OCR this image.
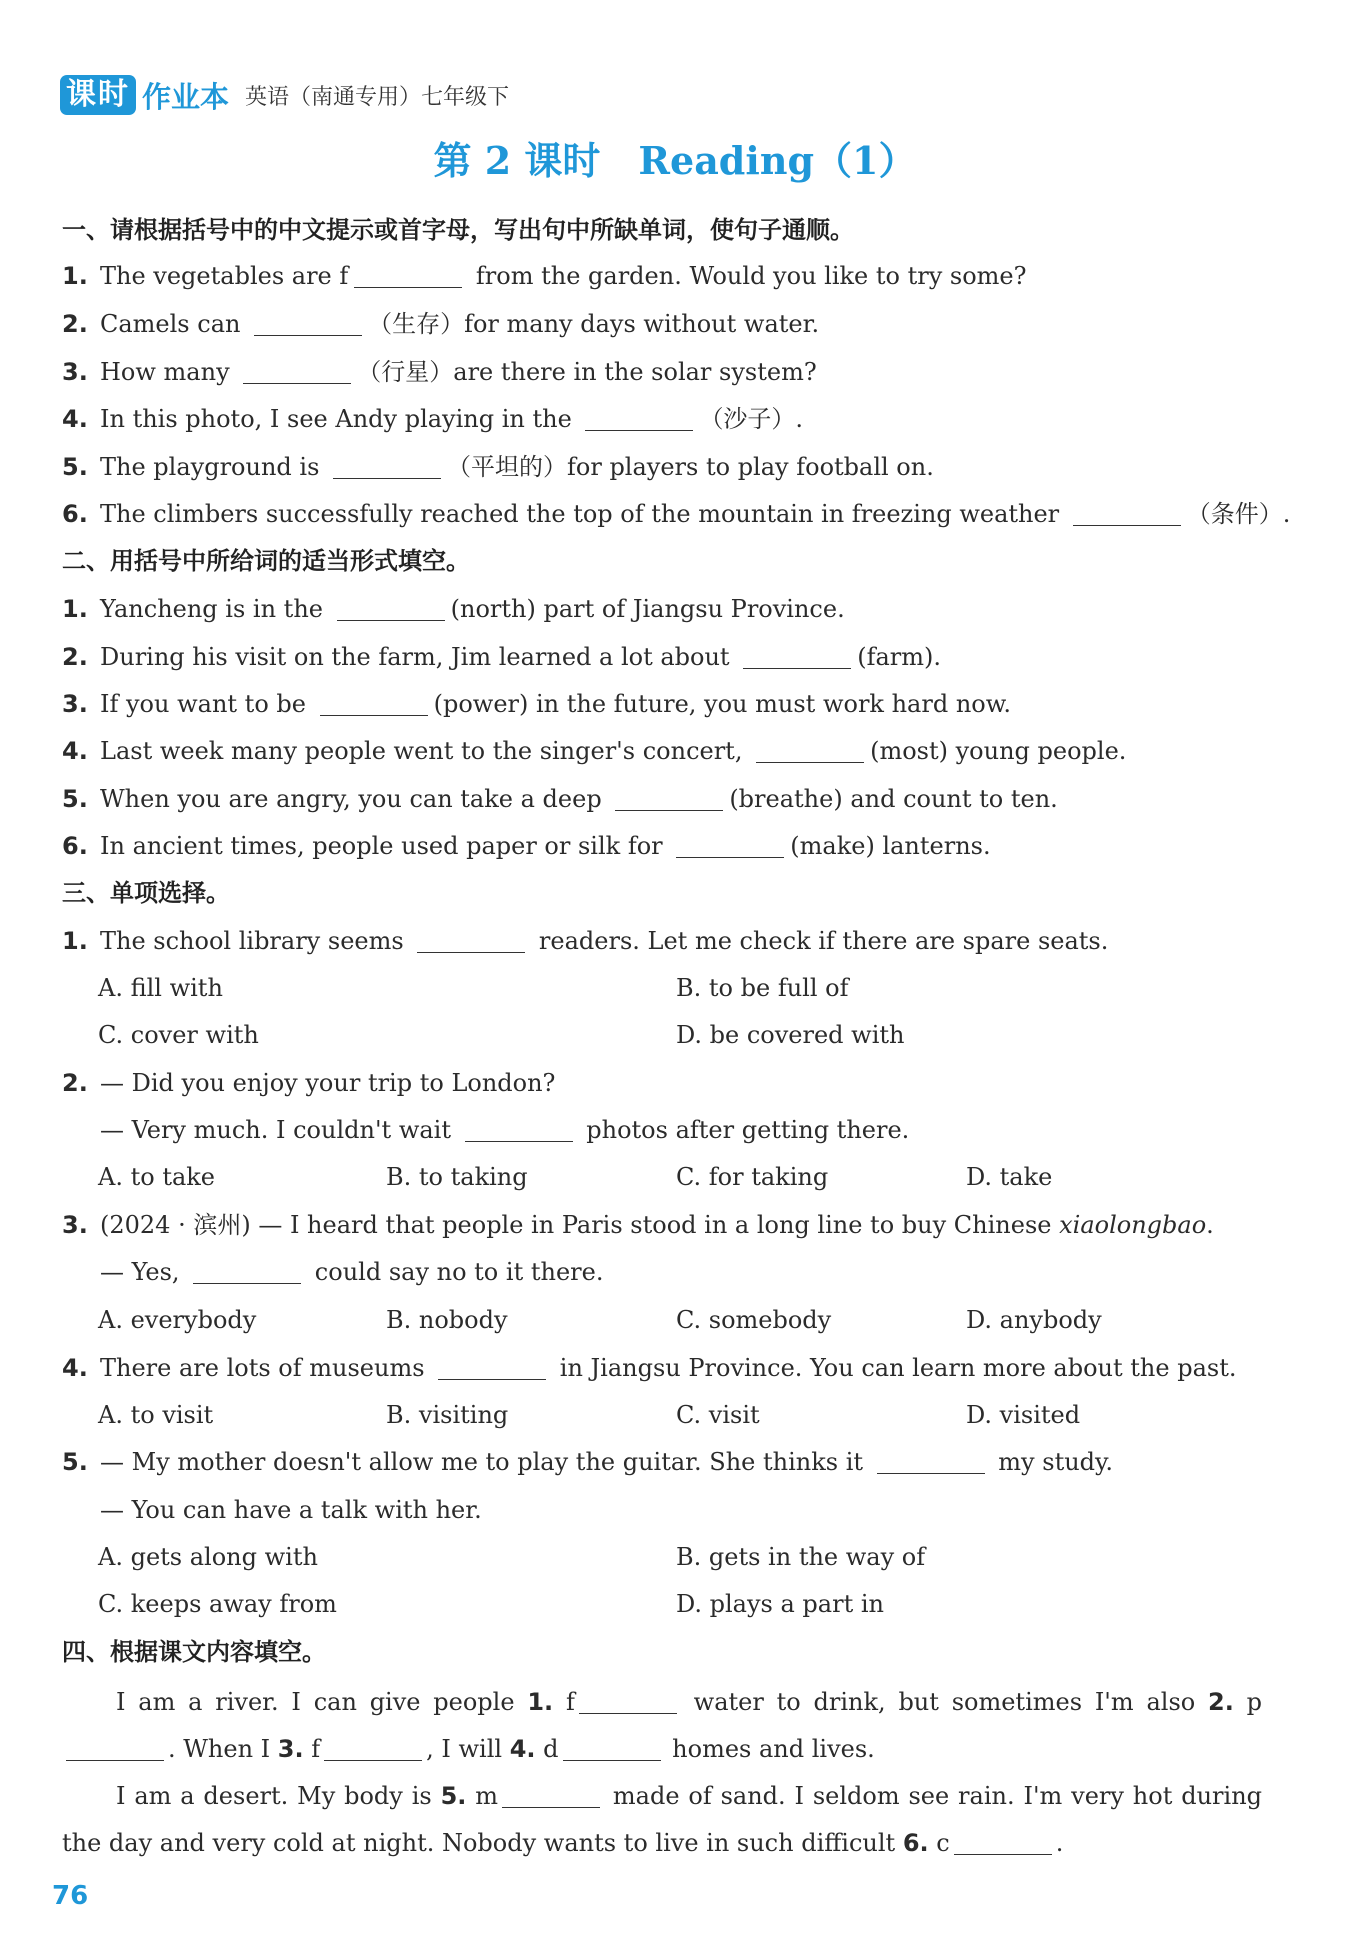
课时 作业本 英语（南通专用）七年级下
第 2 课时　Reading（1）
一、请根据括号中的中文提示或首字母，写出句中所缺单词，使句子通顺。
1. The vegetables are f	from the garden. Would you like to try some?
2. Camels can	（生存）for many days without water.
3. How many	（行星）are there in the solar system?
4. In this photo, I see Andy playing in the	（沙子）.
5. The playground is	（平坦的）for players to play football on.
6. The climbers successfully reached the top of the mountain in freezing weather	（条件）.
二、用括号中所给词的适当形式填空。
1. Yancheng is in the	(north) part of Jiangsu Province.
2. During his visit on the farm, Jim learned a lot about	(farm).
3. If you want to be	(power) in the future, you must work hard now.
4. Last week many people went to the singer's concert,	(most) young people.
5. When you are angry, you can take a deep	(breathe) and count to ten.
6. In ancient times, people used paper or silk for	(make) lanterns.
三、单项选择。
1. The school library seems	readers. Let me check if there are spare seats.
A. fill with	B. to be full of
C. cover with	D. be covered with
2. — Did you enjoy your trip to London?
— Very much. I couldn't wait	photos after getting there.
A. to take	B. to taking	C. for taking	D. take
3. (2024 · 滨州) — I heard that people in Paris stood in a long line to buy Chinese xiaolongbao.
— Yes,	could say no to it there.
A. everybody	B. nobody	C. somebody	D. anybody
4. There are lots of museums	in Jiangsu Province. You can learn more about the past.
A. to visit	B. visiting	C. visit	D. visited
5. — My mother doesn't allow me to play the guitar. She thinks it	my study.
— You can have a talk with her.
A. gets along with	B. gets in the way of
C. keeps away from	D. plays a part in
四、根据课文内容填空。
I am a river. I can give people 1. f	water to drink, but sometimes I'm also 2. p. When I 3. f	, I will 4. d	homes and lives.
I am a desert. My body is 5. m	made of sand. I seldom see rain. I'm very hot during the day and very cold at night. Nobody wants to live in such difficult 6. c	.
76
